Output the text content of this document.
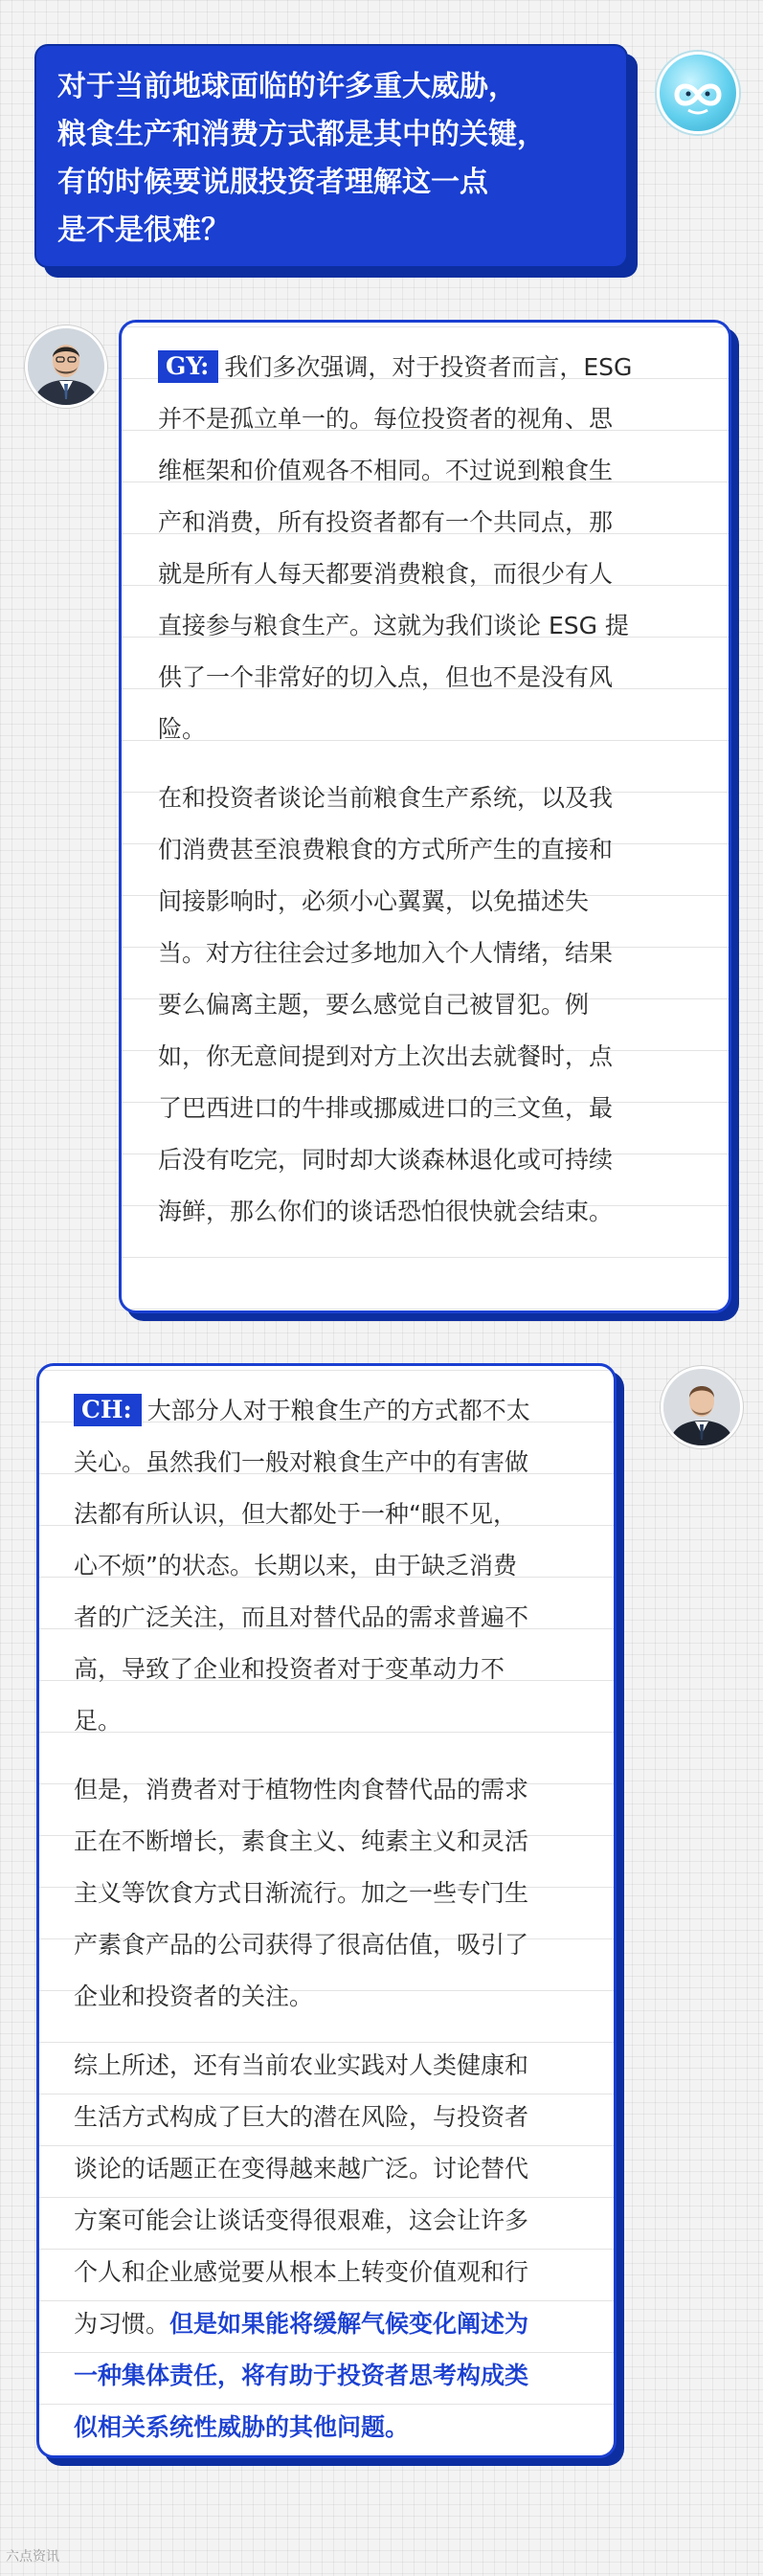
对于当前地球面临的许多重大威胁，
粮食生产和消费方式都是其中的关键，
有的时候要说服投资者理解这一点
是不是很难？

GY: 我们多次强调，对于投资者而言，ESG
并不是孤立单一的。每位投资者的视角、思
维框架和价值观各不相同。不过说到粮食生
产和消费，所有投资者都有一个共同点，那
就是所有人每天都要消费粮食，而很少有人
直接参与粮食生产。这就为我们谈论 ESG 提
供了一个非常好的切入点，但也不是没有风
险。

在和投资者谈论当前粮食生产系统，以及我
们消费甚至浪费粮食的方式所产生的直接和
间接影响时，必须小心翼翼，以免描述失
当。对方往往会过多地加入个人情绪，结果
要么偏离主题，要么感觉自己被冒犯。例
如，你无意间提到对方上次出去就餐时，点
了巴西进口的牛排或挪威进口的三文鱼，最
后没有吃完，同时却大谈森林退化或可持续
海鲜，那么你们的谈话恐怕很快就会结束。

CH: 大部分人对于粮食生产的方式都不太
关心。虽然我们一般对粮食生产中的有害做
法都有所认识，但大都处于一种“眼不见，
心不烦”的状态。长期以来，由于缺乏消费
者的广泛关注，而且对替代品的需求普遍不
高，导致了企业和投资者对于变革动力不
足。

但是，消费者对于植物性肉食替代品的需求
正在不断增长，素食主义、纯素主义和灵活
主义等饮食方式日渐流行。加之一些专门生
产素食产品的公司获得了很高估值，吸引了
企业和投资者的关注。

综上所述，还有当前农业实践对人类健康和
生活方式构成了巨大的潜在风险，与投资者
谈论的话题正在变得越来越广泛。讨论替代
方案可能会让谈话变得很艰难，这会让许多
个人和企业感觉要从根本上转变价值观和行
为习惯。但是如果能将缓解气候变化阐述为
一种集体责任，将有助于投资者思考构成类
似相关系统性威胁的其他问题。

六点资讯
